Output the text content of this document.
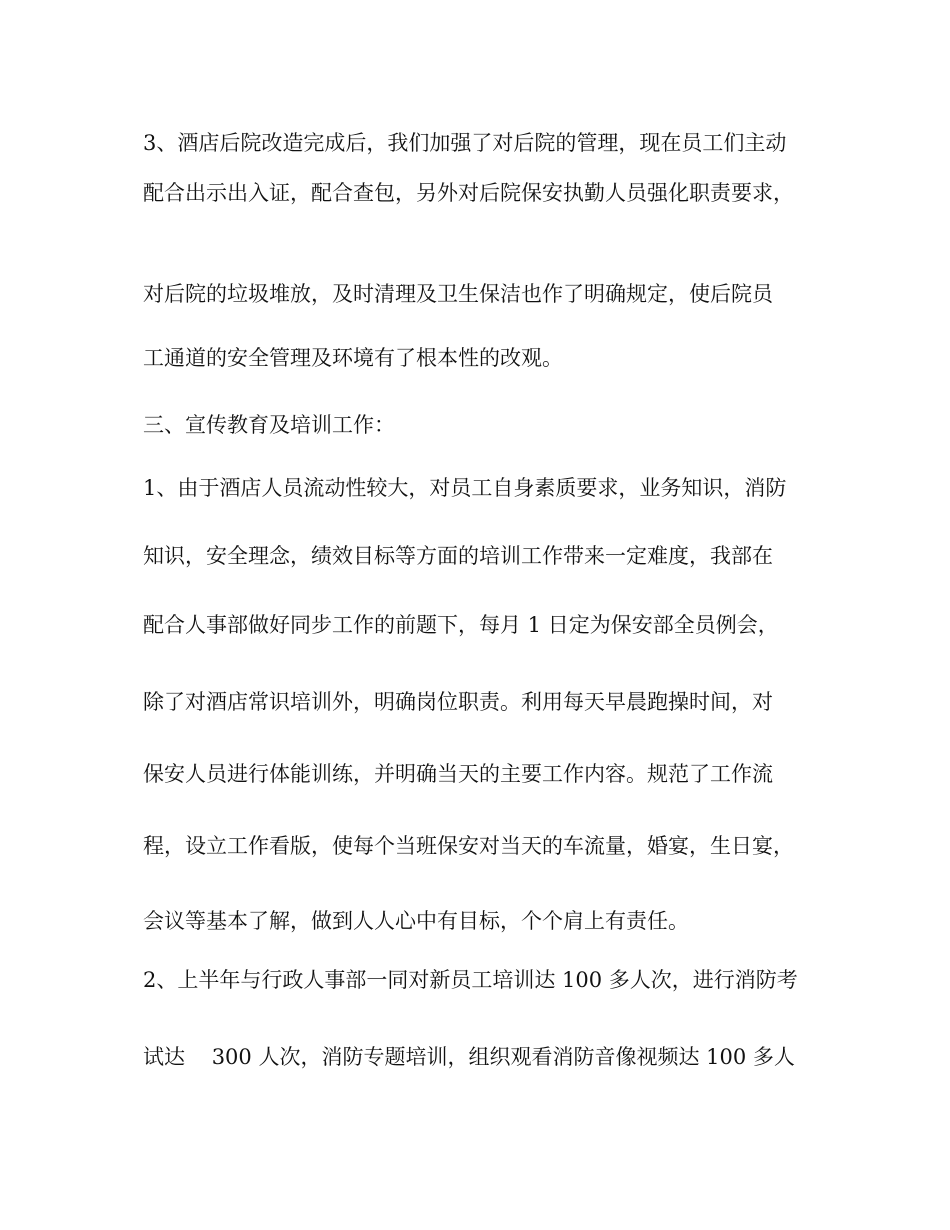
3、酒店后院改造完成后，我们加强了对后院的管理，现在员工们主动
配合出示出入证，配合查包，另外对后院保安执勤人员强化职责要求，
对后院的垃圾堆放，及时清理及卫生保洁也作了明确规定，使后院员
工通道的安全管理及环境有了根本性的改观。
三、宣传教育及培训工作：
1、由于酒店人员流动性较大，对员工自身素质要求，业务知识，消防
知识，安全理念，绩效目标等方面的培训工作带来一定难度，我部在
配合人事部做好同步工作的前题下，每月 1 日定为保安部全员例会，
除了对酒店常识培训外，明确岗位职责。利用每天早晨跑操时间，对
保安人员进行体能训练，并明确当天的主要工作内容。规范了工作流
程，设立工作看版，使每个当班保安对当天的车流量，婚宴，生日宴，
会议等基本了解，做到人人心中有目标，个个肩上有责任。
2、上半年与行政人事部一同对新员工培训达 100 多人次，进行消防考
试达    300 人次，消防专题培训，组织观看消防音像视频达 100 多人
